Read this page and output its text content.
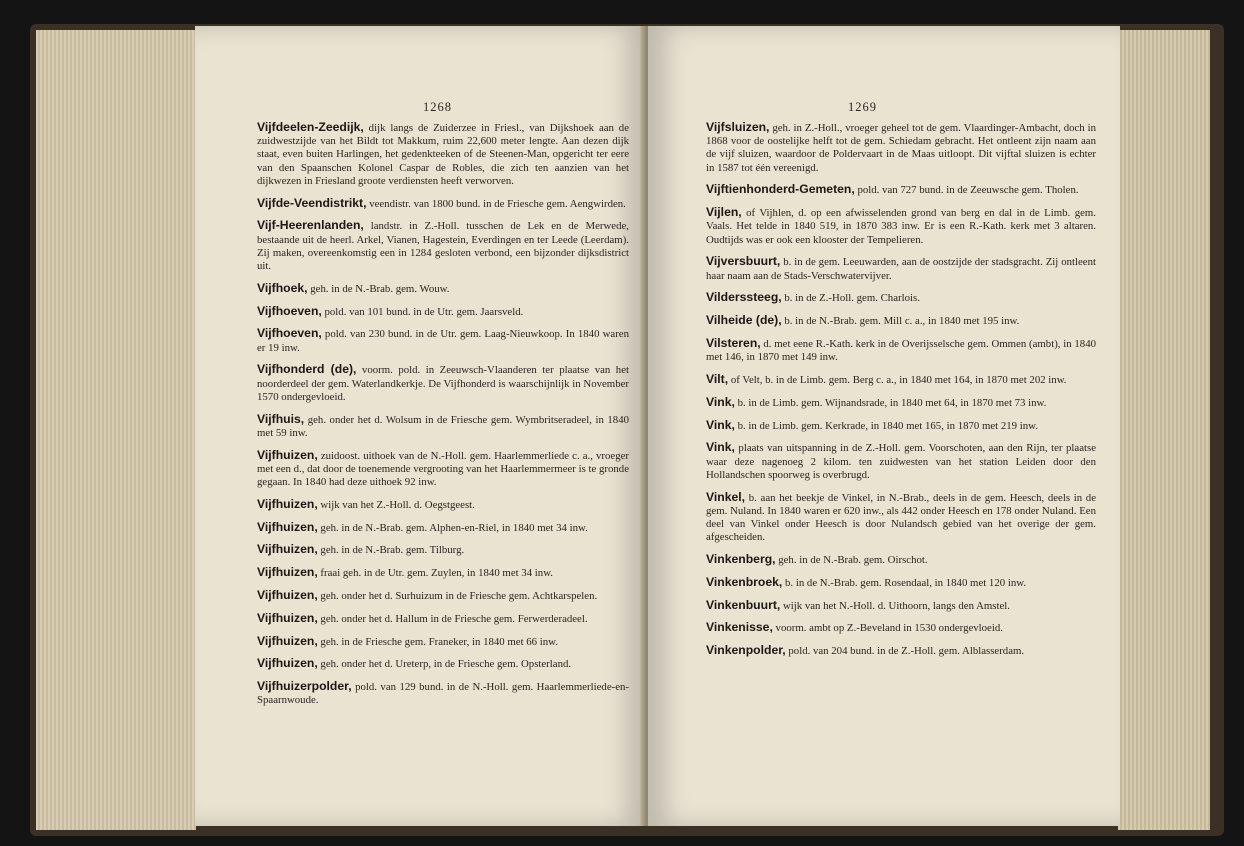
1268

Vijfdeelen-Zeedijk, dijk langs de Zuiderzee in Friesl., van Dijkshoek aan de zuidwestzijde van het Bildt tot Makkum, ruim 22,600 meter lengte. Aan dezen dijk staat, even buiten Harlingen, het gedenkteeken of de Steenen-Man, opgericht ter eere van den Spaanschen Kolonel Caspar de Robles, die zich ten aanzien van het dijkwezen in Friesland groote verdiensten heeft verworven.

Vijfde-Veendistrikt, veendistr. van 1800 bund. in de Friesche gem. Aengwirden.

Vijf-Heerenlanden, landstr. in Z.-Holl. tusschen de Lek en de Merwede, bestaande uit de heerl. Arkel, Vianen, Hagestein, Everdingen en ter Leede (Leerdam). Zij maken, overeenkomstig een in 1284 gesloten verbond, een bijzonder dijksdistrict uit.

Vijfhoek, geh. in de N.-Brab. gem. Wouw.

Vijfhoeven, pold. van 101 bund. in de Utr. gem. Jaarsveld.

Vijfhoeven, pold. van 230 bund. in de Utr. gem. Laag-Nieuwkoop. In 1840 waren er 19 inw.

Vijfhonderd (de), voorm. pold. in Zeeuwsch-Vlaanderen ter plaatse van het noorderdeel der gem. Waterlandkerkje. De Vijfhonderd is waarschijnlijk in November 1570 ondergevloeid.

Vijfhuis, geh. onder het d. Wolsum in de Friesche gem. Wymbritseradeel, in 1840 met 59 inw.

Vijfhuizen, zuidoost. uithoek van de N.-Holl. gem. Haarlemmerliede c. a., vroeger met een d., dat door de toenemende vergrooting van het Haarlemmermeer is te gronde gegaan. In 1840 had deze uithoek 92 inw.

Vijfhuizen, wijk van het Z.-Holl. d. Oegstgeest.

Vijfhuizen, geh. in de N.-Brab. gem. Alphen-en-Riel, in 1840 met 34 inw.

Vijfhuizen, geh. in de N.-Brab. gem. Tilburg.

Vijfhuizen, fraai geh. in de Utr. gem. Zuylen, in 1840 met 34 inw.

Vijfhuizen, geh. onder het d. Surhuizum in de Friesche gem. Achtkarspelen.

Vijfhuizen, geh. onder het d. Hallum in de Friesche gem. Ferwerderadeel.

Vijfhuizen, geh. in de Friesche gem. Franeker, in 1840 met 66 inw.

Vijfhuizen, geh. onder het d. Ureterp, in de Friesche gem. Opsterland.

Vijfhuizerpolder, pold. van 129 bund. in de N.-Holl. gem. Haarlemmerliede-en-Spaarnwoude.

1269

Vijfsluizen, geh. in Z.-Holl., vroeger geheel tot de gem. Vlaardinger-Ambacht, doch in 1868 voor de oostelijke helft tot de gem. Schiedam gebracht. Het ontleent zijn naam aan de vijf sluizen, waardoor de Poldervaart in de Maas uitloopt. Dit vijftal sluizen is echter in 1587 tot één vereenigd.

Vijftienhonderd-Gemeten, pold. van 727 bund. in de Zeeuwsche gem. Tholen.

Vijlen, of Vijhlen, d. op een afwisselenden grond van berg en dal in de Limb. gem. Vaals. Het telde in 1840 519, in 1870 383 inw. Er is een R.-Kath. kerk met 3 altaren. Oudtijds was er ook een klooster der Tempelieren.

Vijversbuurt, b. in de gem. Leeuwarden, aan de oostzijde der stadsgracht. Zij ontleent haar naam aan de Stads-Verschwatervijver.

Vilderssteeg, b. in de Z.-Holl. gem. Charlois.

Vilheide (de), b. in de N.-Brab. gem. Mill c. a., in 1840 met 195 inw.

Vilsteren, d. met eene R.-Kath. kerk in de Overijsselsche gem. Ommen (ambt), in 1840 met 146, in 1870 met 149 inw.

Vilt, of Velt, b. in de Limb. gem. Berg c. a., in 1840 met 164, in 1870 met 202 inw.

Vink, b. in de Limb. gem. Wijnandsrade, in 1840 met 64, in 1870 met 73 inw.

Vink, b. in de Limb. gem. Kerkrade, in 1840 met 165, in 1870 met 219 inw.

Vink, plaats van uitspanning in de Z.-Holl. gem. Voorschoten, aan den Rijn, ter plaatse waar deze nagenoeg 2 kilom. ten zuidwesten van het station Leiden door den Hollandschen spoorweg is overbrugd.

Vinkel, b. aan het beekje de Vinkel, in N.-Brab., deels in de gem. Heesch, deels in de gem. Nuland. In 1840 waren er 620 inw., als 442 onder Heesch en 178 onder Nuland. Een deel van Vinkel onder Heesch is door Nulandsch gebied van het overige der gem. afgescheiden.

Vinkenberg, geh. in de N.-Brab. gem. Oirschot.

Vinkenbroek, b. in de N.-Brab. gem. Rosendaal, in 1840 met 120 inw.

Vinkenbuurt, wijk van het N.-Holl. d. Uithoorn, langs den Amstel.

Vinkenisse, voorm. ambt op Z.-Beveland in 1530 ondergevloeid.

Vinkenpolder, pold. van 204 bund. in de Z.-Holl. gem. Alblasserdam.
